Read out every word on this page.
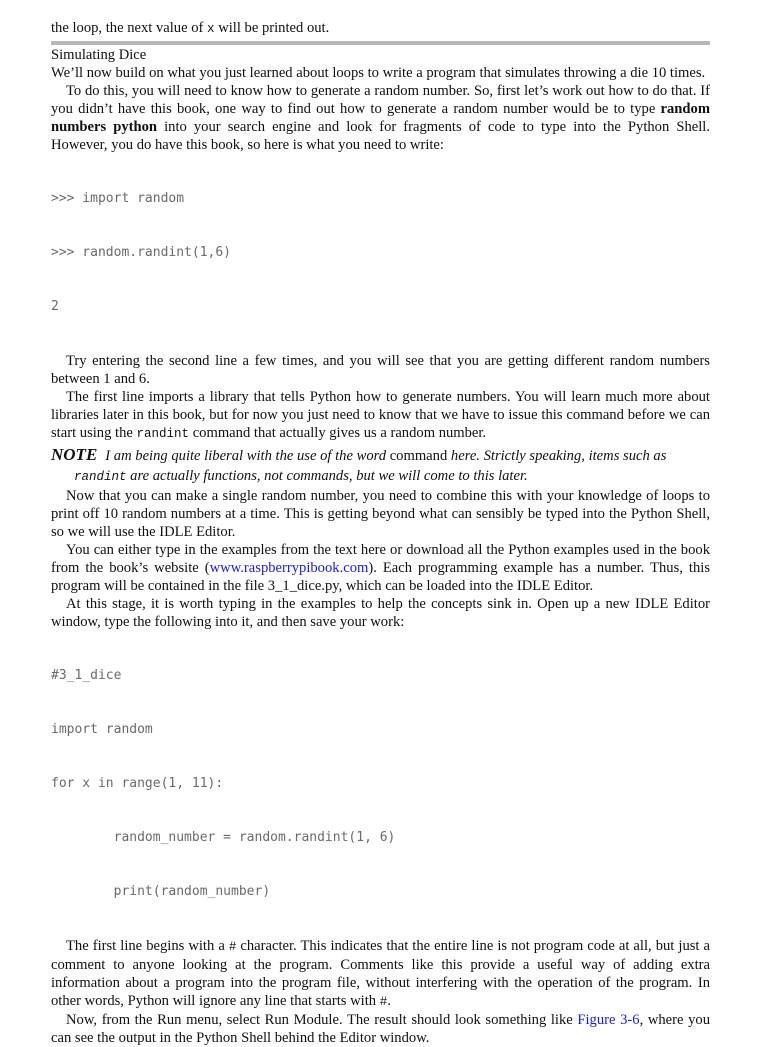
the loop, the next value of x will be printed out.

Simulating Dice

We’ll now build on what you just learned about loops to write a program that simulates throwing a die 10 times.

To do this, you will need to know how to generate a random number. So, first let’s work out how to do that. If you didn’t have this book, one way to find out how to generate a random number would be to type random numbers python into your search engine and look for fragments of code to type into the Python Shell. However, you do have this book, so here is what you need to write:

>>> import random

>>> random.randint(1,6)

2

Try entering the second line a few times, and you will see that you are getting different random numbers between 1 and 6.

The first line imports a library that tells Python how to generate numbers. You will learn much more about libraries later in this book, but for now you just need to know that we have to issue this command before we can start using the randint command that actually gives us a random number.

NOTE I am being quite liberal with the use of the word command here. Strictly speaking, items such as randint are actually functions, not commands, but we will come to this later.

Now that you can make a single random number, you need to combine this with your knowledge of loops to print off 10 random numbers at a time. This is getting beyond what can sensibly be typed into the Python Shell, so we will use the IDLE Editor.

You can either type in the examples from the text here or download all the Python examples used in the book from the book’s website (www.raspberrypibook.com). Each programming example has a number. Thus, this program will be contained in the file 3_1_dice.py, which can be loaded into the IDLE Editor.

At this stage, it is worth typing in the examples to help the concepts sink in. Open up a new IDLE Editor window, type the following into it, and then save your work:

#3_1_dice

import random

for x in range(1, 11):

random_number = random.randint(1, 6)

print(random_number)

The first line begins with a # character. This indicates that the entire line is not program code at all, but just a comment to anyone looking at the program. Comments like this provide a useful way of adding extra information about a program into the program file, without interfering with the operation of the program. In other words, Python will ignore any line that starts with #.

Now, from the Run menu, select Run Module. The result should look something like Figure 3-6, where you can see the output in the Python Shell behind the Editor window.
